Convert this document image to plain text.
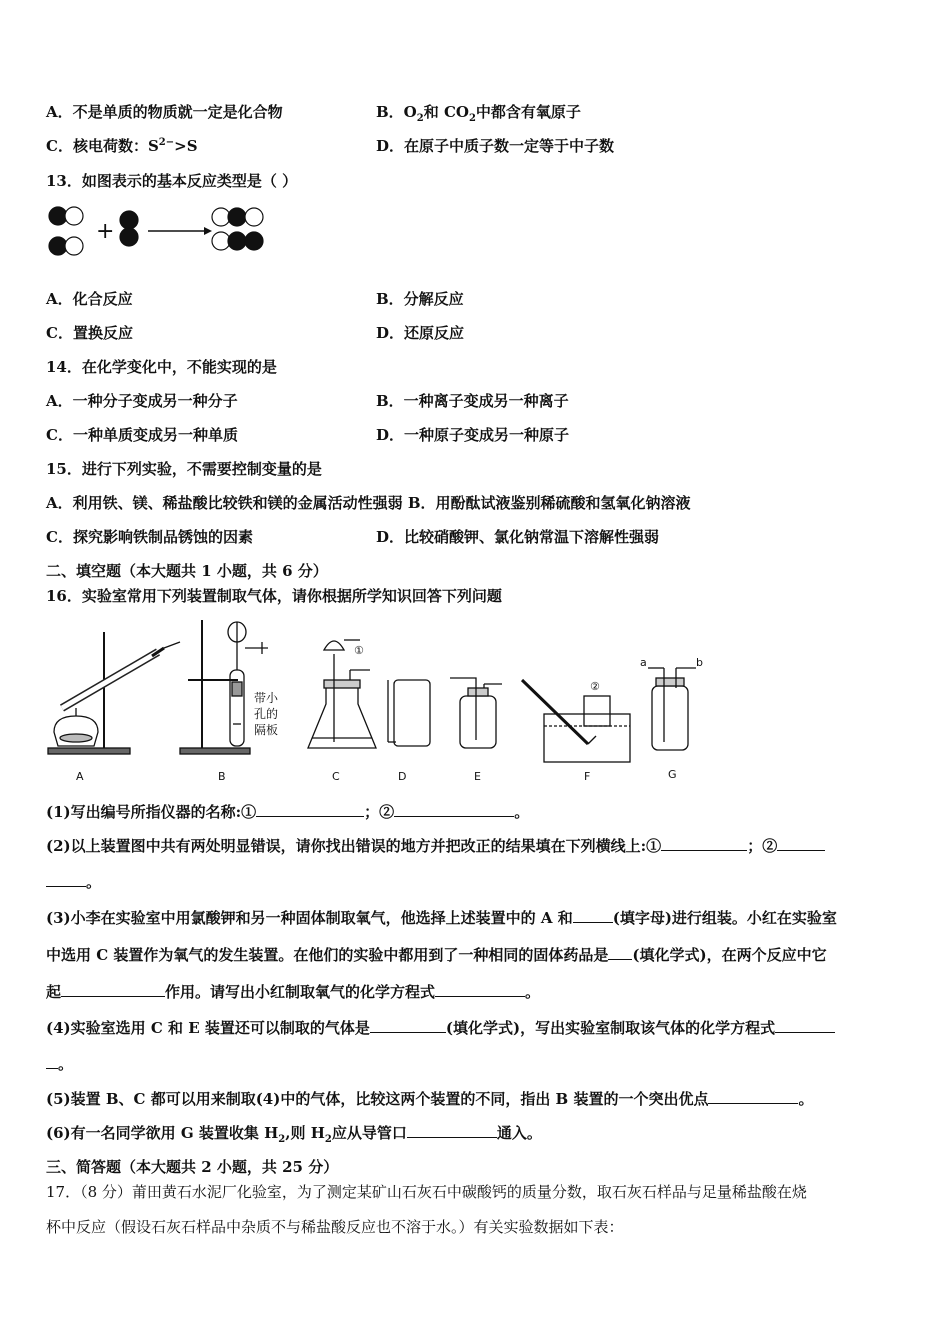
A．不是单质的物质就一定是化合物	B．$O_2$和 $CO_2$中都含有氧原子
C．核电荷数：$S^{2-}>S$	D．在原子中质子数一定等于中子数
13．如图表示的基本反应类型是（ ）
+
A．化合反应	B．分解反应
C．置换反应	D．还原反应
14．在化学变化中，不能实现的是
A．一种分子变成另一种分子	B．一种离子变成另一种离子
C．一种单质变成另一种单质	D．一种原子变成另一种原子
15．进行下列实验，不需要控制变量的是
A．利用铁、镁、稀盐酸比较铁和镁的金属活动性强弱 B．用酚酞试液鉴别稀硫酸和氢氧化钠溶液
C．探究影响铁制品锈蚀的因素	D．比较硝酸钾、氯化钠常温下溶解性强弱
二、填空题（本大题共 1 小题，共 6 分）
16．实验室常用下列装置制取气体，请你根据所学知识回答下列问题
A	B	C	D	E	F	G
①
②
a	b
带小
孔的
隔板
(1)写出编号所指仪器的名称:①	；②	。
(2)以上装置图中共有两处明显错误，请你找出错误的地方并把改正的结果填在下列横线上:①	；②
。
(3)小李在实验室中用氯酸钾和另一种固体制取氧气，他选择上述装置中的 A 和	(填字母)进行组装。小红在实验室
中选用 C 装置作为氧气的发生装置。在他们的实验中都用到了一种相同的固体药品是 (填化学式)，在两个反应中它
起	作用。请写出小红制取氧气的化学方程式	。
(4)实验室选用 C 和 E 装置还可以制取的气体是	(填化学式)，写出实验室制取该气体的化学方程式
。
(5)装置 B、C 都可以用来制取(4)中的气体，比较这两个装置的不同，指出 B 装置的一个突出优点	。
(6)有一名同学欲用 G 装置收集 $H_2$,则 $H_2$应从导管口	通入。
三、简答题（本大题共 2 小题，共 25 分）
17．（8 分）莆田黄石水泥厂化验室，为了测定某矿山石灰石中碳酸钙的质量分数，取石灰石样品与足量稀盐酸在烧
杯中反应（假设石灰石样品中杂质不与稀盐酸反应也不溶于水。）有关实验数据如下表：
